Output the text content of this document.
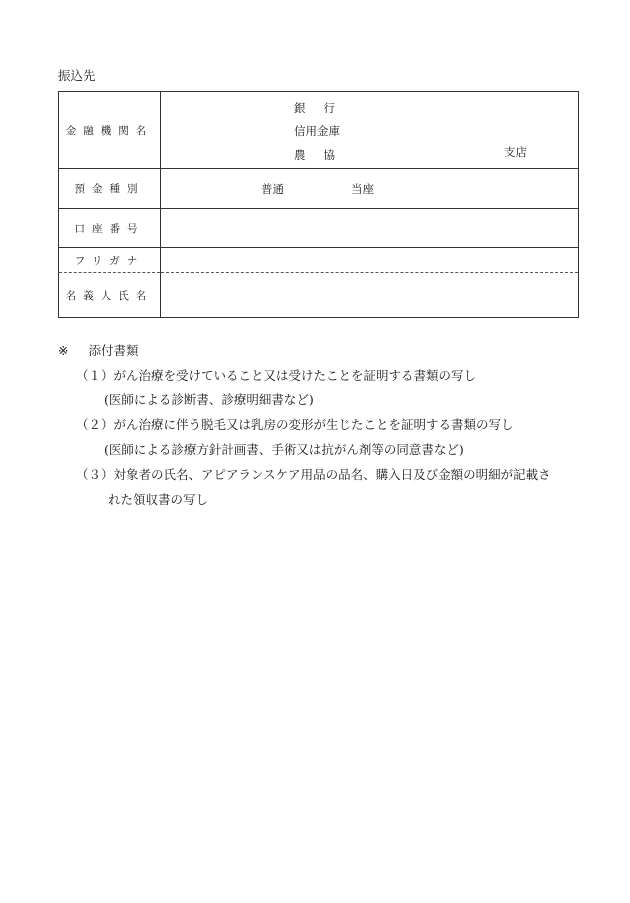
振込先
金融機関名	銀行
信用金庫
農協 支店

預金種別	普通 当座

口座番号	
フリガナ	
名義人氏名	
※ 添付書類
（１）がん治療を受けていること又は受けたことを証明する書類の写し
(医師による診断書、診療明細書など)
（２）がん治療に伴う脱毛又は乳房の変形が生じたことを証明する書類の写し
(医師による診療方針計画書、手術又は抗がん剤等の同意書など)
（３）対象者の氏名、アピアランスケア用品の品名、購入日及び金額の明細が記載さ
れた領収書の写し
